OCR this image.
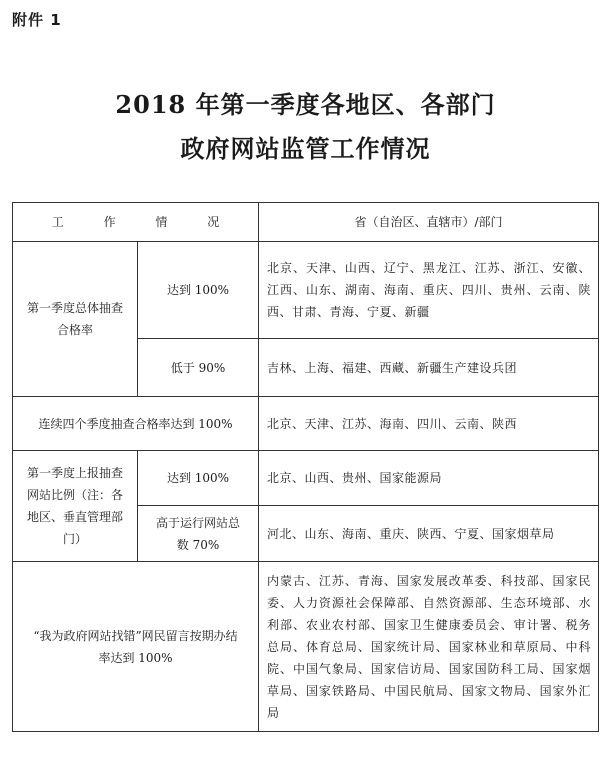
附件 1
2018 年第一季度各地区、各部门
政府网站监管工作情况
工 作 情 况		省（自治区、直辖市）/部门
第一季度总体抽查合格率	达到 100%	北京、天津、山西、辽宁、黑龙江、江苏、浙江、安徽、江西、山东、湖南、海南、重庆、四川、贵州、云南、陕西、甘肃、青海、宁夏、新疆
	低于 90%	吉林、上海、福建、西藏、新疆生产建设兵团
连续四个季度抽查合格率达到 100%		北京、天津、江苏、海南、四川、云南、陕西
第一季度上报抽查网站比例（注：各地区、垂直管理部门）	达到 100%	北京、山西、贵州、国家能源局
	高于运行网站总数 70%	河北、山东、海南、重庆、陕西、宁夏、国家烟草局
“我为政府网站找错”网民留言按期办结率达到 100%		内蒙古、江苏、青海、国家发展改革委、科技部、国家民委、人力资源社会保障部、自然资源部、生态环境部、水利部、农业农村部、国家卫生健康委员会、审计署、税务总局、体育总局、国家统计局、国家林业和草原局、中科院、中国气象局、国家信访局、国家国防科工局、国家烟草局、国家铁路局、中国民航局、国家文物局、国家外汇局
